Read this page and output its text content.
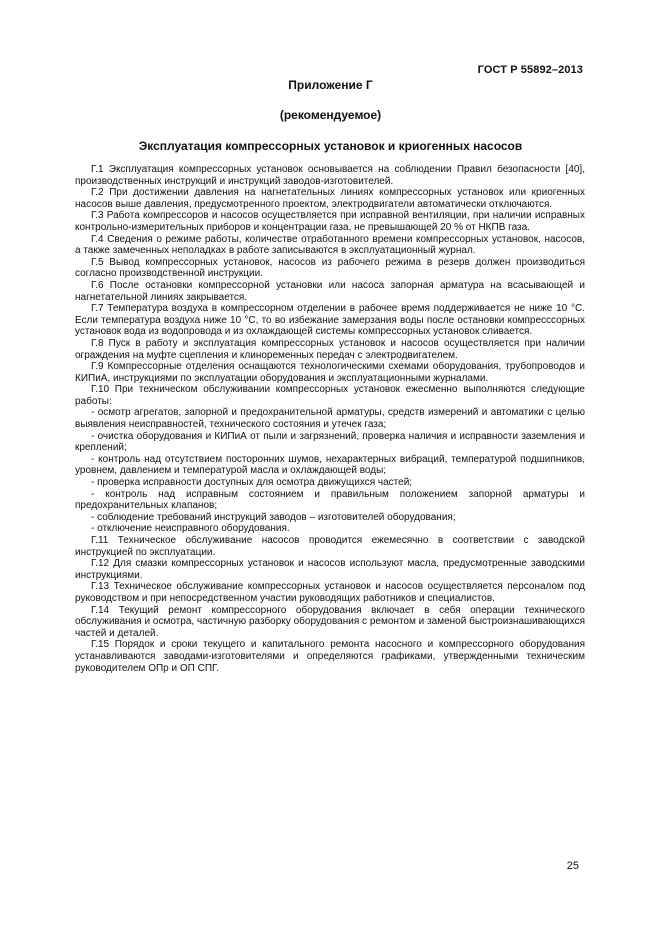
ГОСТ Р 55892–2013
Приложение Г
(рекомендуемое)
Эксплуатация компрессорных установок и криогенных насосов

Г.1 Эксплуатация компрессорных установок основывается на соблюдении Правил безопасности [40], производственных инструкций и инструкций заводов-изготовителей.

Г.2 При достижении давления на нагнетательных линиях компрессорных установок или криогенных насосов выше давления, предусмотренного проектом, электродвигатели автоматически отключаются.

Г.3 Работа компрессоров и насосов осуществляется при исправной вентиляции, при наличии исправных контрольно-измерительных приборов и концентрации газа, не превышающей 20 % от НКПВ газа.

Г.4 Сведения о режиме работы, количестве отработанного времени компрессорных установок, насосов, а также замеченных неполадках в работе записываются в эксплуатационный журнал.

Г.5 Вывод компрессорных установок, насосов из рабочего режима в резерв должен производиться согласно производственной инструкции.

Г.6 После остановки компрессорной установки или насоса запорная арматура на всасывающей и нагнетательной линиях закрывается.

Г.7 Температура воздуха в компрессорном отделении в рабочее время поддерживается не ниже 10 °С. Если температура воздуха ниже 10 °С, то во избежание замерзания воды после остановки компресссорных установок вода из водопровода и из охлаждающей системы компрессорных установок сливается.

Г.8 Пуск в работу и эксплуатация компрессорных установок и насосов осуществляется при наличии ограждения на муфте сцепления и клиноременных передач с электродвигателем.

Г.9 Компрессорные отделения оснащаются технологическими схемами оборудования, трубопроводов и КИПиА, инструкциями по эксплуатации оборудования и эксплуатационными журналами.

Г.10 При техническом обслуживании компрессорных установок ежесменно выполняются следующие работы:

- осмотр агрегатов, запорной и предохранительной арматуры, средств измерений и автоматики с целью выявления неисправностей, технического состояния и утечек газа;

- очистка оборудования и КИПиА от пыли и загрязнений, проверка наличия и исправности заземления и креплений;

- контроль над отсутствием посторонних шумов, нехарактерных вибраций, температурой подшипников, уровнем, давлением и температурой масла и охлаждающей воды;

- проверка исправности доступных для осмотра движущихся частей;

- контроль над исправным состоянием и правильным положением запорной арматуры и предохранительных клапанов;

- соблюдение требований инструкций заводов – изготовителей оборудования;

- отключение неисправного оборудования.

Г.11 Техническое обслуживание насосов проводится ежемесячно в соответствии с заводской инструкцией по эксплуатации.

Г.12 Для смазки компрессорных установок и насосов используют масла, предусмотренные заводскими инструкциями.

Г.13 Техническое обслуживание компрессорных установок и насосов осуществляется персоналом под руководством и при непосредственном участии руководящих работников и специалистов.

Г.14 Текущий ремонт компрессорного оборудования включает в себя операции технического обслуживания и осмотра, частичную разборку оборудования с ремонтом и заменой быстроизнашивающихся частей и деталей.

Г.15 Порядок и сроки текущего и капитального ремонта насосного и компрессорного оборудования устанавливаются заводами-изготовителями и определяются графиками, утвержденными техническим руководителем ОПр и ОП СПГ.

25
